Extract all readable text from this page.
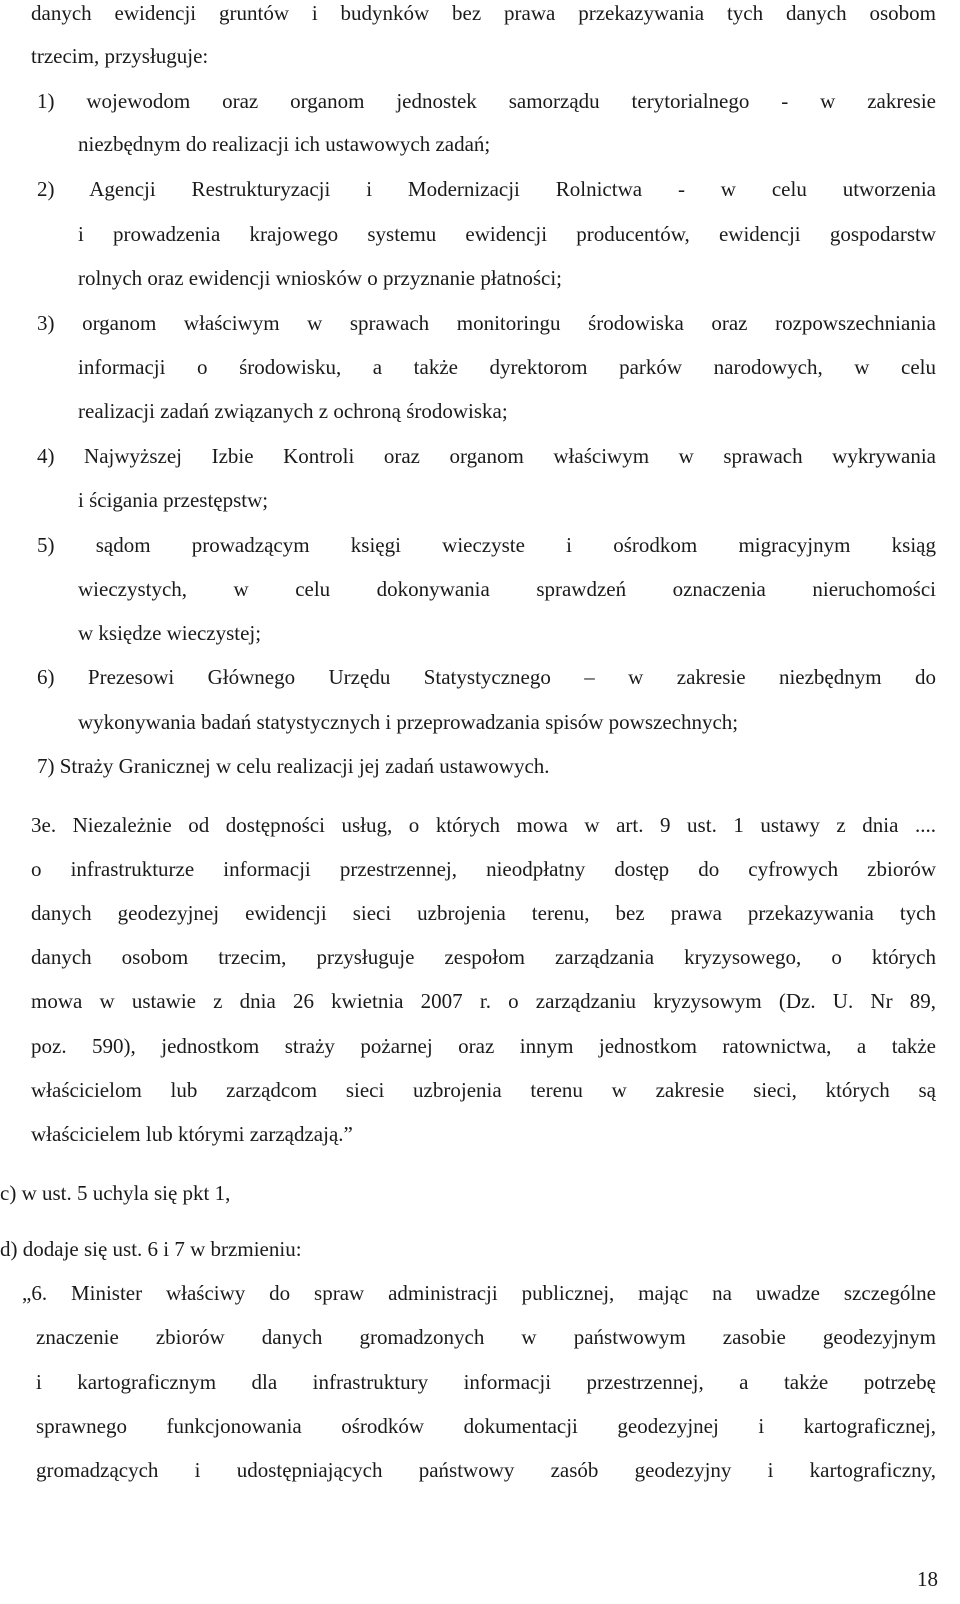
danych ewidencji gruntów i budynków bez prawa przekazywania tych danych osobom
trzecim, przysługuje:
1) wojewodom oraz organom jednostek samorządu terytorialnego - w zakresie
niezbędnym do realizacji ich ustawowych zadań;
2) Agencji Restrukturyzacji i Modernizacji Rolnictwa - w celu utworzenia
i prowadzenia krajowego systemu ewidencji producentów, ewidencji gospodarstw
rolnych oraz ewidencji wniosków o przyznanie płatności;
3) organom właściwym w sprawach monitoringu środowiska oraz rozpowszechniania
informacji o środowisku, a także dyrektorom parków narodowych, w celu
realizacji zadań związanych z ochroną środowiska;
4) Najwyższej Izbie Kontroli oraz organom właściwym w sprawach wykrywania
i ścigania przestępstw;
5) sądom prowadzącym księgi wieczyste i ośrodkom migracyjnym ksiąg
wieczystych, w celu dokonywania sprawdzeń oznaczenia nieruchomości
w księdze wieczystej;
6) Prezesowi Głównego Urzędu Statystycznego – w zakresie niezbędnym do
wykonywania badań statystycznych i przeprowadzania spisów powszechnych;
7) Straży Granicznej w celu realizacji jej zadań ustawowych.
3e. Niezależnie od dostępności usług, o których mowa w art. 9 ust. 1 ustawy z dnia ....
o infrastrukturze informacji przestrzennej, nieodpłatny dostęp do cyfrowych zbiorów
danych geodezyjnej ewidencji sieci uzbrojenia terenu, bez prawa przekazywania tych
danych osobom trzecim, przysługuje zespołom zarządzania kryzysowego, o których
mowa w ustawie z dnia 26 kwietnia 2007 r. o zarządzaniu kryzysowym (Dz. U. Nr 89,
poz. 590), jednostkom straży pożarnej oraz innym jednostkom ratownictwa, a także
właścicielom lub zarządcom sieci uzbrojenia terenu w zakresie sieci, których są
właścicielem lub którymi zarządzają.”
c) w ust. 5 uchyla się pkt 1,
d) dodaje się ust. 6 i 7 w brzmieniu:
„6. Minister właściwy do spraw administracji publicznej, mając na uwadze szczególne
znaczenie zbiorów danych gromadzonych w państwowym zasobie geodezyjnym
i kartograficznym dla infrastruktury informacji przestrzennej, a także potrzebę
sprawnego funkcjonowania ośrodków dokumentacji geodezyjnej i kartograficznej,
gromadzących i udostępniających państwowy zasób geodezyjny i kartograficzny,
18
